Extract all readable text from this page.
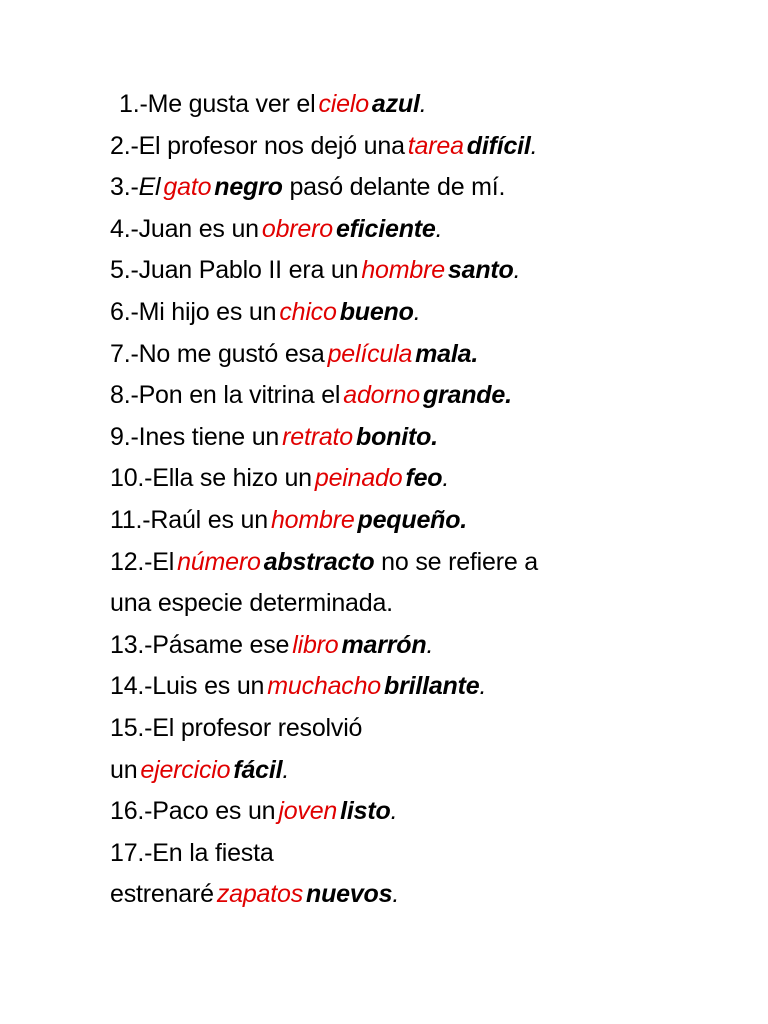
1.-Me gusta ver el cielo azul.
2.-El profesor nos dejó una tarea difícil.
3.-El gato negro pasó delante de mí.
4.-Juan es un obrero eficiente.
5.-Juan Pablo II era un hombre santo.
6.-Mi hijo es un chico bueno.
7.-No me gustó esa película mala.
8.-Pon en la vitrina el adorno grande.
9.-Ines tiene un retrato bonito.
10.-Ella se hizo un peinado feo.
11.-Raúl es un hombre pequeño.
12.-El número abstracto no se refiere a
una especie determinada.
13.-Pásame ese libro marrón.
14.-Luis es un muchacho brillante.
15.-El profesor resolvió
un ejercicio fácil.
16.-Paco es un joven listo.
17.-En la fiesta
estrenaré zapatos nuevos.
